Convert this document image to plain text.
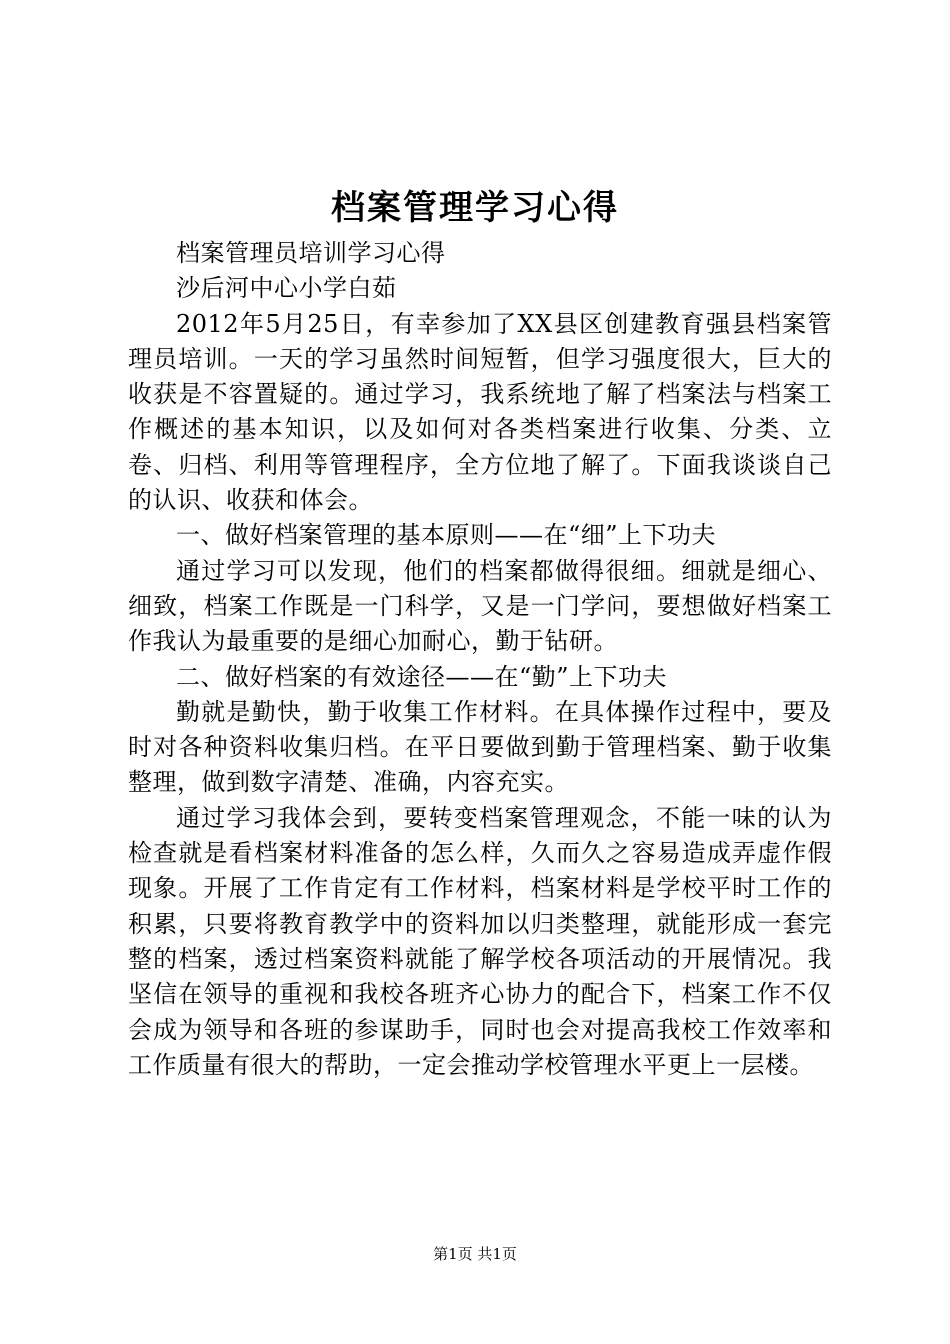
档案管理学习心得

档案管理员培训学习心得

沙后河中心小学白茹

2012年5月25日，有幸参加了XX县区创建教育强县档案管理员培训。一天的学习虽然时间短暂，但学习强度很大，巨大的收获是不容置疑的。通过学习，我系统地了解了档案法与档案工作概述的基本知识，以及如何对各类档案进行收集、分类、立卷、归档、利用等管理程序，全方位地了解了。下面我谈谈自己的认识、收获和体会。

一、做好档案管理的基本原则——在“细”上下功夫

通过学习可以发现，他们的档案都做得很细。细就是细心、细致，档案工作既是一门科学，又是一门学问，要想做好档案工作我认为最重要的是细心加耐心，勤于钻研。

二、做好档案的有效途径——在“勤”上下功夫

勤就是勤快，勤于收集工作材料。在具体操作过程中，要及时对各种资料收集归档。在平日要做到勤于管理档案、勤于收集整理，做到数字清楚、准确，内容充实。

通过学习我体会到，要转变档案管理观念，不能一味的认为检查就是看档案材料准备的怎么样，久而久之容易造成弄虚作假现象。开展了工作肯定有工作材料，档案材料是学校平时工作的积累，只要将教育教学中的资料加以归类整理，就能形成一套完整的档案，透过档案资料就能了解学校各项活动的开展情况。我坚信在领导的重视和我校各班齐心协力的配合下，档案工作不仅会成为领导和各班的参谋助手，同时也会对提高我校工作效率和工作质量有很大的帮助，一定会推动学校管理水平更上一层楼。

第1页 共1页
